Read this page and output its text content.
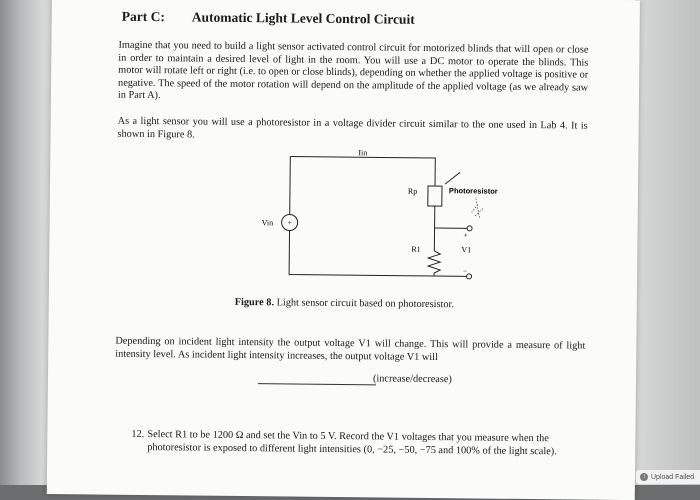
Part C: Automatic Light Level Control Circuit

Imagine that you need to build a light sensor activated control circuit for motorized blinds that will open or close in order to maintain a desired level of light in the room. You will use a DC motor to operate the blinds. This motor will rotate left or right (i.e. to open or close blinds), depending on whether the applied voltage is positive or negative. The speed of the motor rotation will depend on the amplitude of the applied voltage (as we already saw in Part A).

As a light sensor you will use a photoresistor in a voltage divider circuit similar to the one used in Lab 4. It is shown in Figure 8.

+
Iin
Rp	Photoresistor
Vin
R1	V1
+
−
Figure 8. Light sensor circuit based on photoresistor.

Depending on incident light intensity the output voltage V1 will change. This will provide a measure of light intensity level. As incident light intensity increases, the output voltage V1 will

(increase/decrease)
12. Select R1 to be 1200 Ω and set the Vin to 5 V. Record the V1 voltages that you measure when the photoresistor is exposed to different light intensities (0, −25, −50, −75 and 100% of the light scale).

↑ Upload Failed
